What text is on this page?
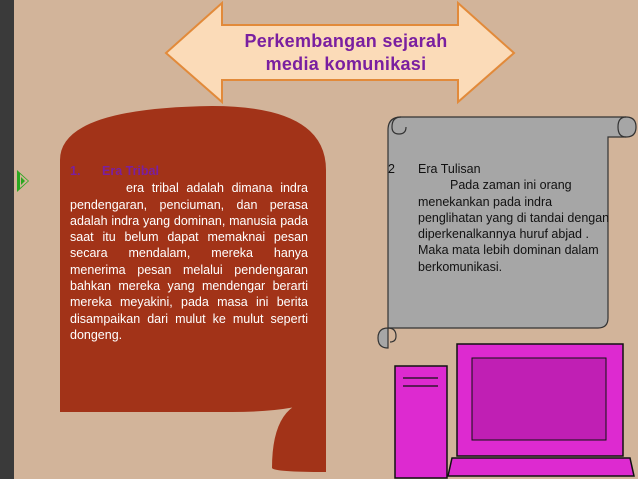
Perkembangan sejarah
media komunikasi
1.	Era Tribal
era tribal adalah dimana indra pendengaran, penciuman, dan perasa adalah indra yang dominan, manusia pada saat itu belum dapat memaknai pesan secara mendalam, mereka hanya menerima pesan melalui pendengaran bahkan mereka yang mendengar berarti mereka meyakini, pada masa ini berita disampaikan dari mulut ke mulut seperti dongeng.
2	Era Tulisan
Pada zaman ini orang menekankan pada indra penglihatan yang di tandai dengan diperkenalkannya huruf abjad . Maka mata lebih dominan dalam berkomunikasi.
